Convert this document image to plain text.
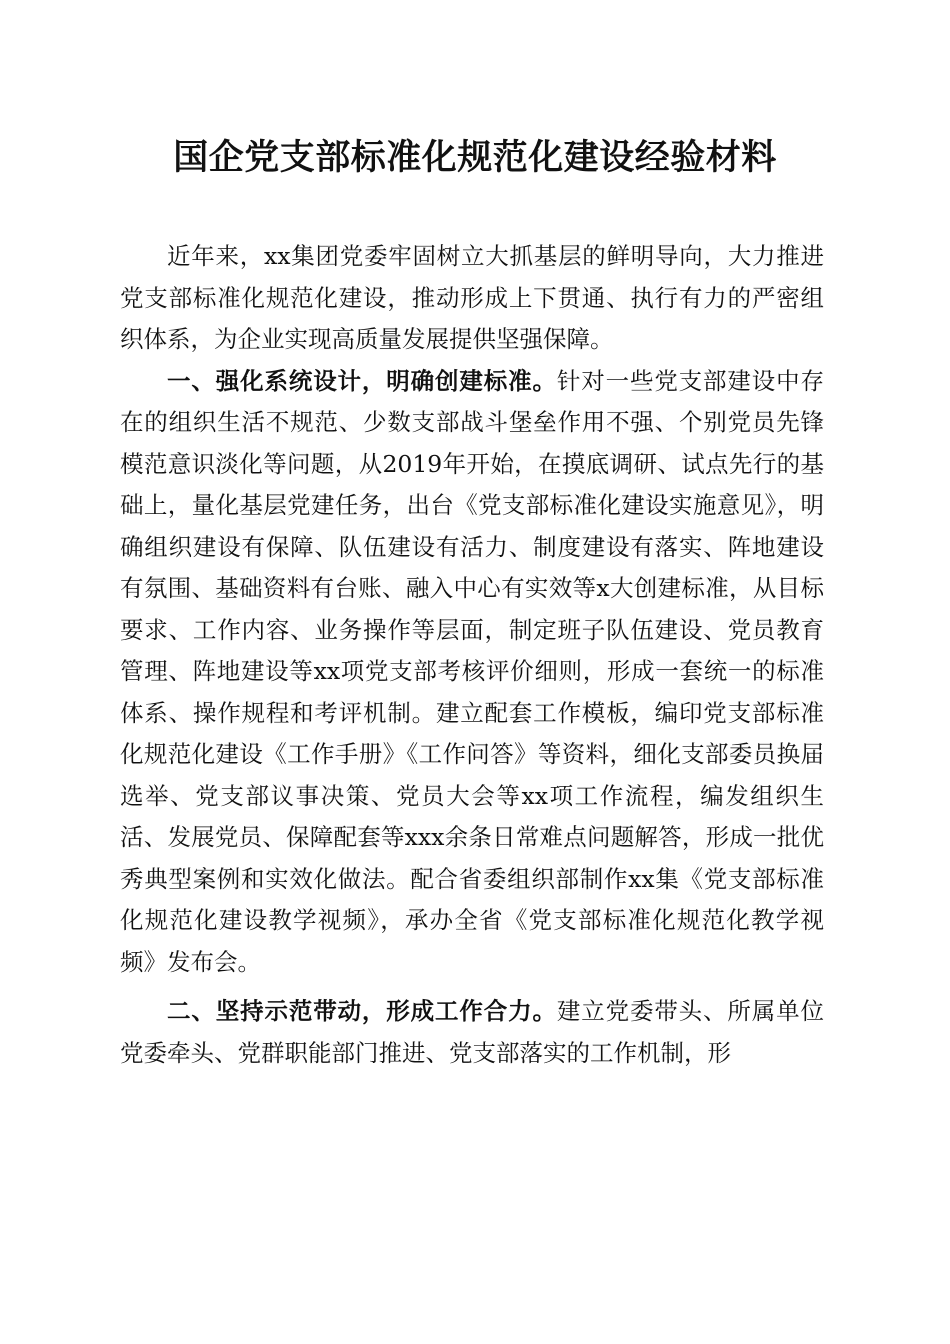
国企党支部标准化规范化建设经验材料

近年来，xx集团党委牢固树立大抓基层的鲜明导向，大力推进党支部标准化规范化建设，推动形成上下贯通、执行有力的严密组织体系，为企业实现高质量发展提供坚强保障。

一、强化系统设计，明确创建标准。针对一些党支部建设中存在的组织生活不规范、少数支部战斗堡垒作用不强、个别党员先锋模范意识淡化等问题，从2019年开始，在摸底调研、试点先行的基础上，量化基层党建任务，出台《党支部标准化建设实施意见》，明确组织建设有保障、队伍建设有活力、制度建设有落实、阵地建设有氛围、基础资料有台账、融入中心有实效等x大创建标准，从目标要求、工作内容、业务操作等层面，制定班子队伍建设、党员教育管理、阵地建设等xx项党支部考核评价细则，形成一套统一的标准体系、操作规程和考评机制。建立配套工作模板，编印党支部标准化规范化建设《工作手册》《工作问答》等资料，细化支部委员换届选举、党支部议事决策、党员大会等xx项工作流程，编发组织生活、发展党员、保障配套等xxx余条日常难点问题解答，形成一批优秀典型案例和实效化做法。配合省委组织部制作xx集《党支部标准化规范化建设教学视频》，承办全省《党支部标准化规范化教学视频》发布会。

二、坚持示范带动，形成工作合力。建立党委带头、所属单位党委牵头、党群职能部门推进、党支部落实的工作机制，形
